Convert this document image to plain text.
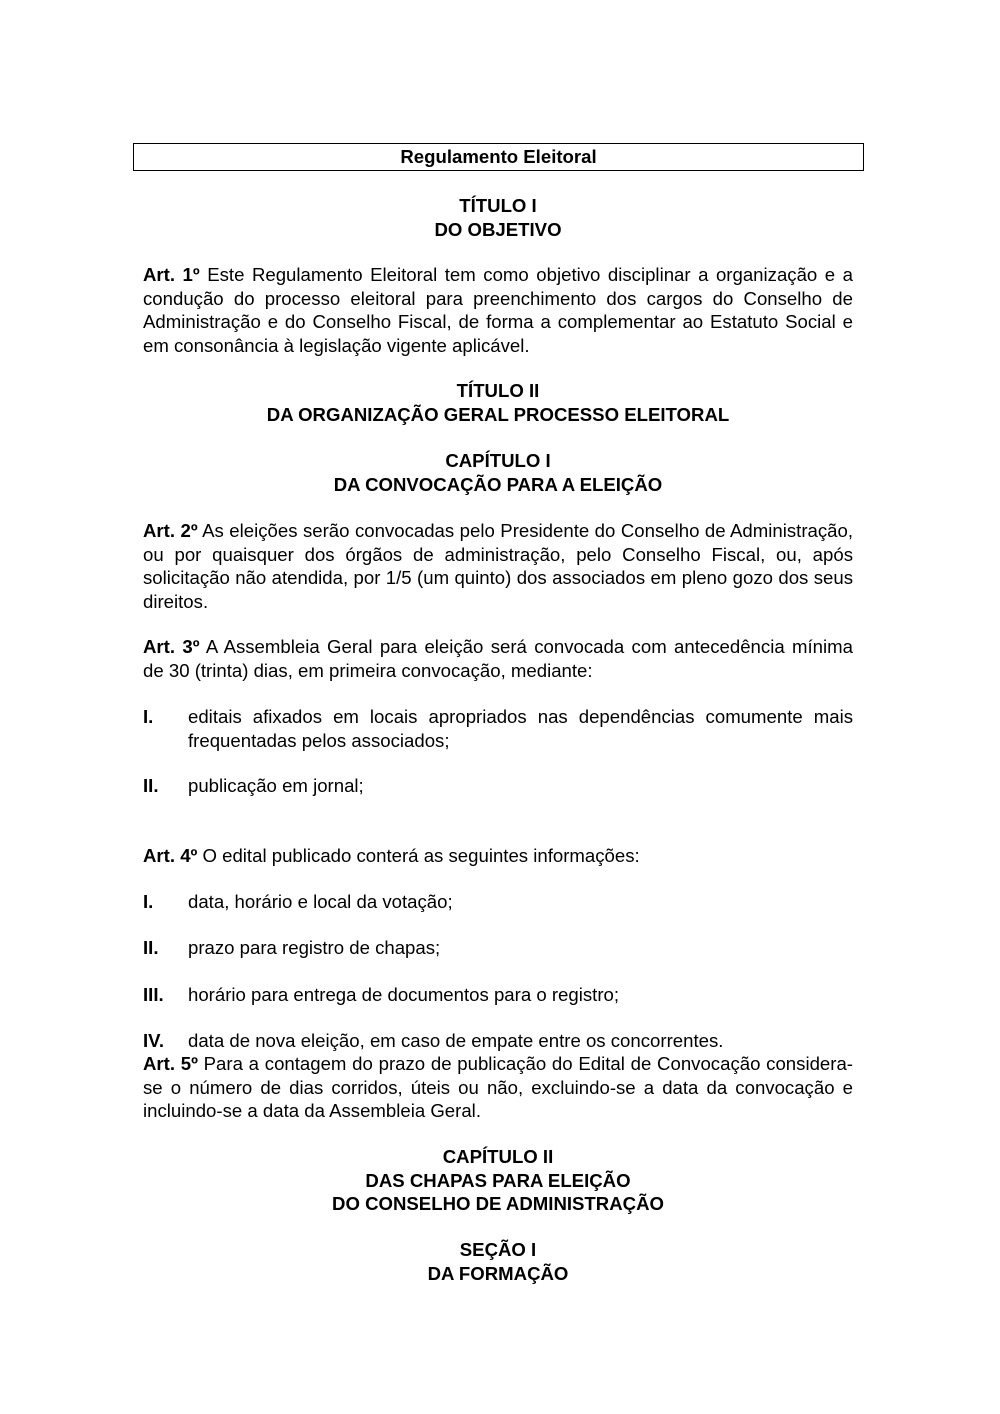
Regulamento Eleitoral
TÍTULO I
DO OBJETIVO
Art. 1º Este Regulamento Eleitoral tem como objetivo disciplinar a organização e a condução do processo eleitoral para preenchimento dos cargos do Conselho de Administração e do Conselho Fiscal, de forma a complementar ao Estatuto Social e em consonância à legislação vigente aplicável.
TÍTULO II
DA ORGANIZAÇÃO GERAL PROCESSO ELEITORAL
CAPÍTULO I
DA CONVOCAÇÃO PARA A ELEIÇÃO
Art. 2º As eleições serão convocadas pelo Presidente do Conselho de Administração, ou por quaisquer dos órgãos de administração, pelo Conselho Fiscal, ou, após solicitação não atendida, por 1/5 (um quinto) dos associados em pleno gozo dos seus direitos.
Art. 3º A Assembleia Geral para eleição será convocada com antecedência mínima de 30 (trinta) dias, em primeira convocação, mediante:
I. editais afixados em locais apropriados nas dependências comumente mais frequentadas pelos associados;
II. publicação em jornal;
Art. 4º O edital publicado conterá as seguintes informações:
I. data, horário e local da votação;
II. prazo para registro de chapas;
III. horário para entrega de documentos para o registro;
IV. data de nova eleição, em caso de empate entre os concorrentes.
Art. 5º Para a contagem do prazo de publicação do Edital de Convocação considera-se o número de dias corridos, úteis ou não, excluindo-se a data da convocação e incluindo-se a data da Assembleia Geral.
CAPÍTULO II
DAS CHAPAS PARA ELEIÇÃO
DO CONSELHO DE ADMINISTRAÇÃO
SEÇÃO I
DA FORMAÇÃO
